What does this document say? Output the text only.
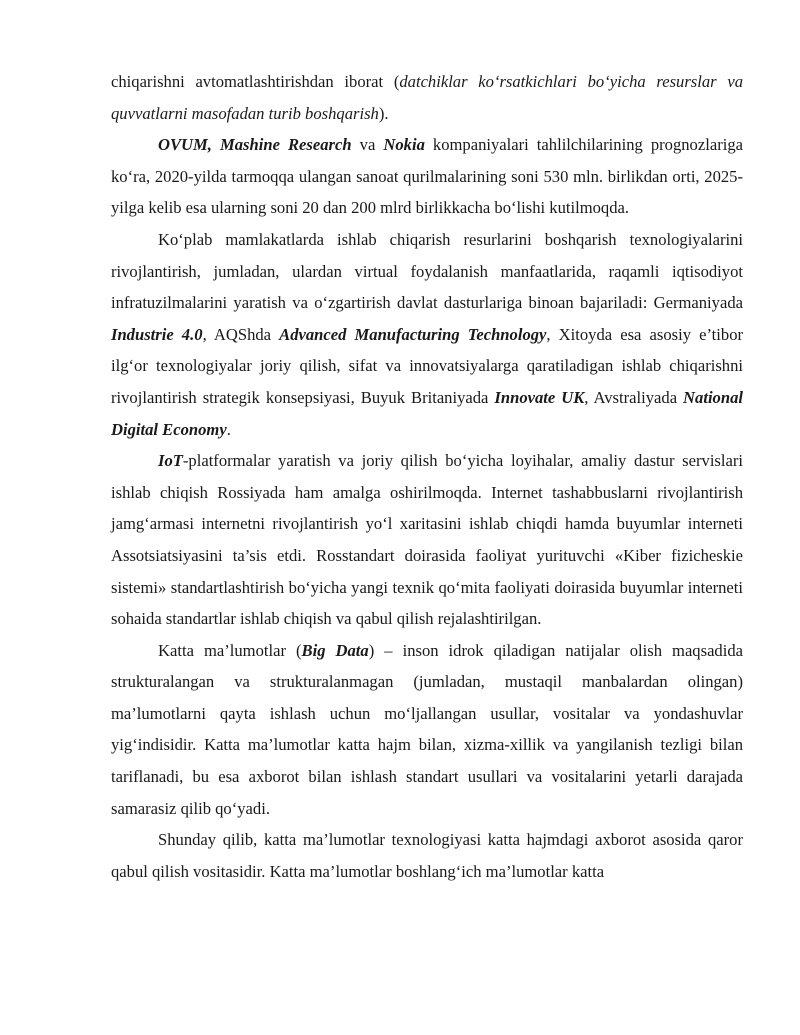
chiqarishni avtomatlashtirishdan iborat (datchiklar ko‘rsatkichlari bo‘yicha resurslar va quvvatlarni masofadan turib boshqarish).

OVUM, Mashine Research va Nokia kompaniyalari tahlilchilarining prognozlariga ko‘ra, 2020-yilda tarmoqqa ulangan sanoat qurilmalarining soni 530 mln. birlikdan orti, 2025-yilga kelib esa ularning soni 20 dan 200 mlrd birlikkacha bo‘lishi kutilmoqda.

Ko‘plab mamlakatlarda ishlab chiqarish resurlarini boshqarish texnologiyalarini rivojlantirish, jumladan, ulardan virtual foydalanish manfaatlarida, raqamli iqtisodiyot infratuzilmalarini yaratish va o‘zgartirish davlat dasturlariga binoan bajariladi: Germaniyada Industrie 4.0, AQShda Advanced Manufacturing Technology, Xitoyda esa asosiy e’tibor ilg‘or texnologiyalar joriy qilish, sifat va innovatsiyalarga qaratiladigan ishlab chiqarishni rivojlantirish strategik konsepsiyasi, Buyuk Britaniyada Innovate UK, Avstraliyada National Digital Economy.

IoT-platformalar yaratish va joriy qilish bo‘yicha loyihalar, amaliy dastur servislari ishlab chiqish Rossiyada ham amalga oshirilmoqda. Internet tashabbuslarni rivojlantirish jamg‘armasi internetni rivojlantirish yo‘l xaritasini ishlab chiqdi hamda buyumlar interneti Assotsiatsiyasini ta’sis etdi. Rosstandart doirasida faoliyat yurituvchi «Kiber fizicheskie sistemi» standartlashtirish bo‘yicha yangi texnik qo‘mita faoliyati doirasida buyumlar interneti sohaida standartlar ishlab chiqish va qabul qilish rejalashtirilgan.

Katta ma’lumotlar (Big Data) – inson idrok qiladigan natijalar olish maqsadida strukturalangan va strukturalanmagan (jumladan, mustaqil manbalardan olingan) ma’lumotlarni qayta ishlash uchun mo‘ljallangan usullar, vositalar va yondashuvlar yig‘indisidir. Katta ma’lumotlar katta hajm bilan, xizma-xillik va yangilanish tezligi bilan tariflanadi, bu esa axborot bilan ishlash standart usullari va vositalarini yetarli darajada samarasiz qilib qo‘yadi.

Shunday qilib, katta ma’lumotlar texnologiyasi katta hajmdagi axborot asosida qaror qabul qilish vositasidir. Katta ma’lumotlar boshlang‘ich ma’lumotlar katta
